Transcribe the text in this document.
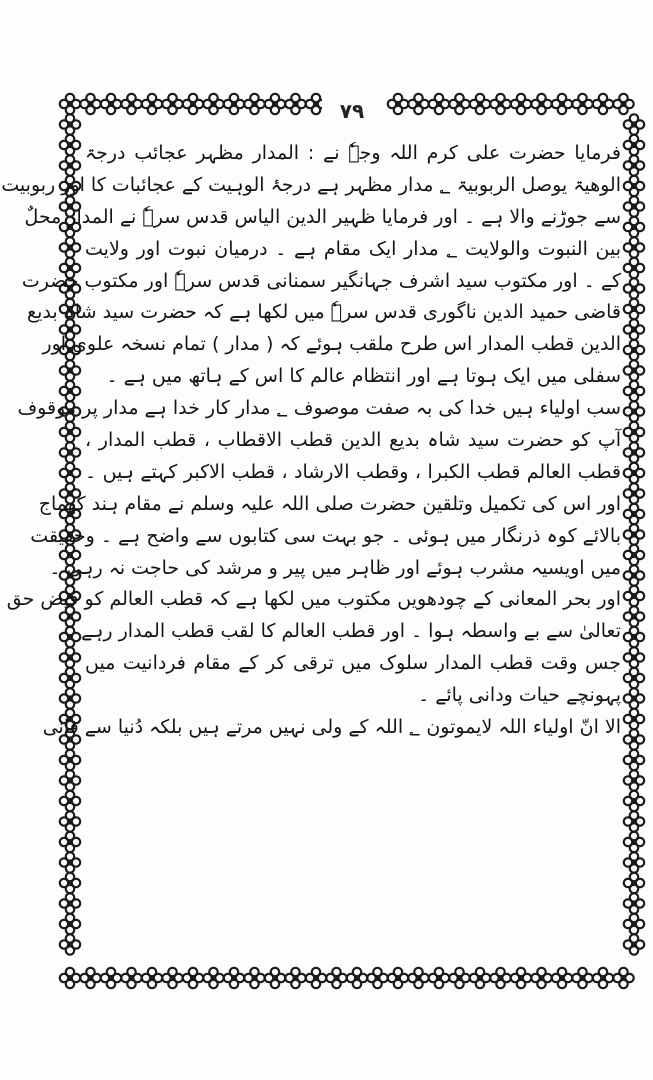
۷۹
فرمایا حضرت علی کرم اللہ وجہٗ نے : المدار مظہر عجائب درجۃ
الوھیۃ یوصل الربوبیۃ ؂ مدار مظہر ہے درجۂ الوہیت کے عجائبات کا اور ربوبیت
سے جوڑنے والا ہے ۔ اور فرمایا ظہیر الدین الیاس قدس سرہٗ نے المدار محلٌ
بین النبوت والولایت ؂ مدار ایک مقام ہے ۔ درمیان نبوت اور ولایت
کے ۔ اور مکتوب سید اشرف جہانگیر سمنانی قدس سرہٗ اور مکتوب حضرت
قاضی حمید الدین ناگوری قدس سرہٗ میں لکھا ہے کہ حضرت سید شاہ بدیع
الدین قطب المدار اس طرح ملقب ہوئے کہ ( مدار ) تمام نسخہ علوی اور
سفلی میں ایک ہوتا ہے اور انتظام عالم کا اس کے ہاتھ میں ہے ۔
سب اولیاء ہیں خدا کی بہ صفت موصوف ؂ مدار کار خدا ہے مدار پر موقوف
آپ کو حضرت سید شاہ بدیع الدین قطب الاقطاب ، قطب المدار ،
قطب العالم قطب الکبرا ، وقطب الارشاد ، قطب الاکبر کہتے ہیں ۔
اور اس کی تکمیل وتلقین حضرت صلی اللہ علیہ وسلم نے مقام ہند کھماج
بالائے کوہ ذرنگار میں ہوئی ۔ جو بہت سی کتابوں سے واضح ہے ۔ وحقیقت
میں اویسیہ مشرب ہوئے اور ظاہر میں پیر و مرشد کی حاجت نہ رہی ۔
اور بحر المعانی کے چودھویں مکتوب میں لکھا ہے کہ قطب العالم کو فیض حق
تعالیٰ سے بے واسطہ ہوا ۔ اور قطب العالم کا لقب قطب المدار رہے ۔
جس وقت قطب المدار سلوک میں ترقی کر کے مقام فردانیت میں
پہونچے حیات ودانی پائے ۔
الا انّ اولیاء اللہ لایموتون ؂ اللہ کے ولی نہیں مرتے ہیں بلکہ دُنیا سے فانی
